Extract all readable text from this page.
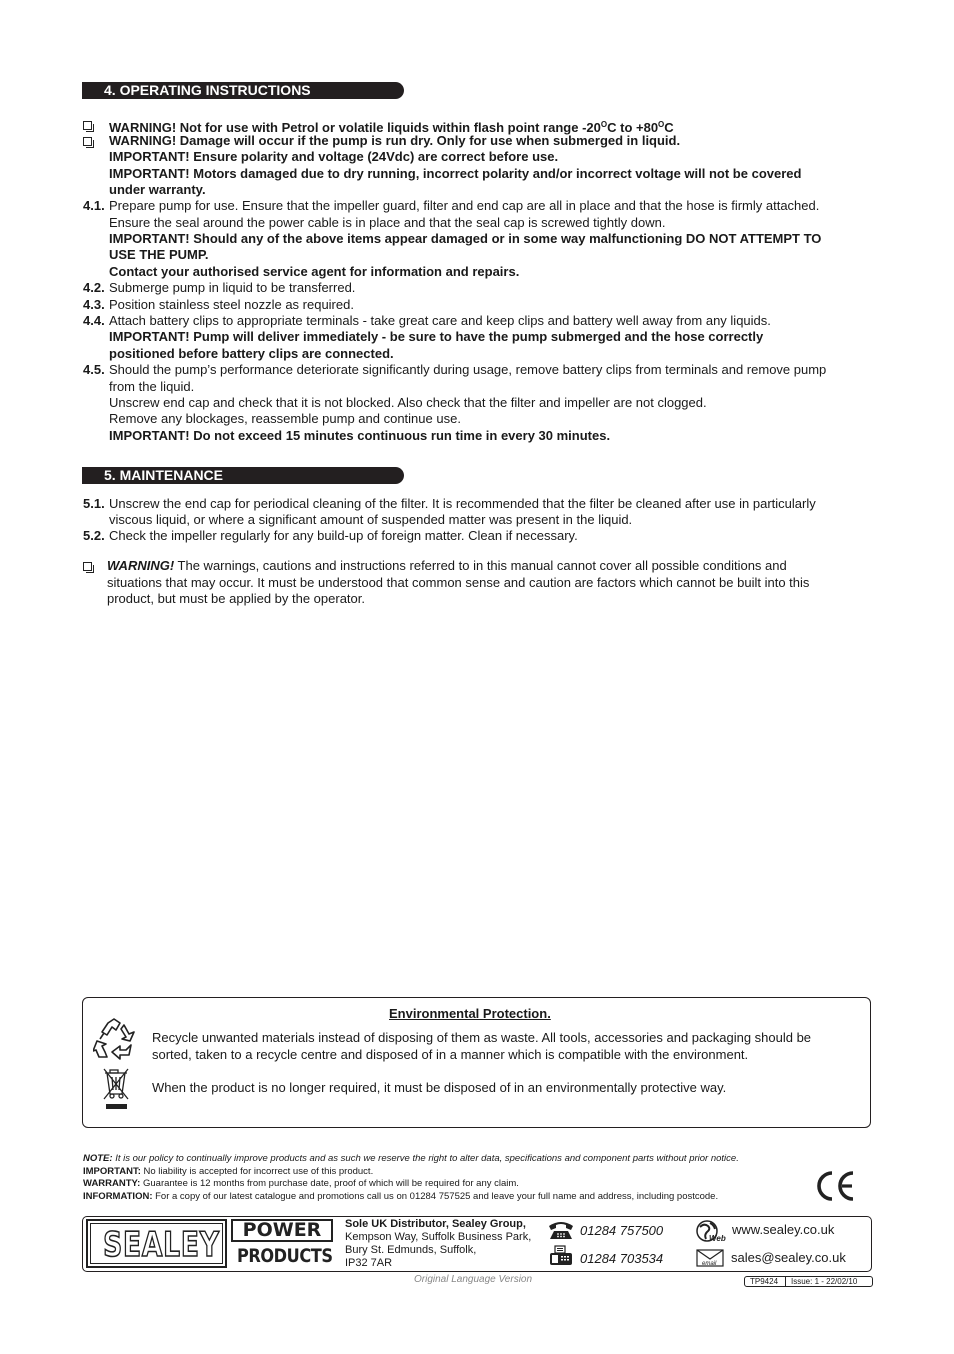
4. OPERATING INSTRUCTIONS
WARNING! Not for use with Petrol or volatile liquids within flash point range $-20^OC$ to $+80^OC$
WARNING! Damage will occur if the pump is run dry. Only for use when submerged in liquid.
IMPORTANT! Ensure polarity and voltage (24Vdc) are correct before use.
IMPORTANT! Motors damaged due to dry running, incorrect polarity and/or incorrect voltage will not be covered
under warranty.
4.1. Prepare pump for use. Ensure that the impeller guard, filter and end cap are all in place and that the hose is firmly attached.
Ensure the seal around the power cable is in place and that the seal cap is screwed tightly down.
IMPORTANT! Should any of the above items appear damaged or in some way malfunctioning DO NOT ATTEMPT TO
USE THE PUMP.
Contact your authorised service agent for information and repairs.
4.2. Submerge pump in liquid to be transferred.
4.3. Position stainless steel nozzle as required.
4.4. Attach battery clips to appropriate terminals - take great care and keep clips and battery well away from any liquids.
IMPORTANT! Pump will deliver immediately - be sure to have the pump submerged and the hose correctly
positioned before battery clips are connected.
4.5. Should the pump’s performance deteriorate significantly during usage, remove battery clips from terminals and remove pump
from the liquid.
Unscrew end cap and check that it is not blocked. Also check that the filter and impeller are not clogged.
Remove any blockages, reassemble pump and continue use.
IMPORTANT! Do not exceed 15 minutes continuous run time in every 30 minutes.
5. MAINTENANCE
5.1. Unscrew the end cap for periodical cleaning of the filter. It is recommended that the filter be cleaned after use in particularly
viscous liquid, or where a significant amount of suspended matter was present in the liquid.
5.2. Check the impeller regularly for any build-up of foreign matter. Clean if necessary.
WARNING! The warnings, cautions and instructions referred to in this manual cannot cover all possible conditions and
situations that may occur. It must be understood that common sense and caution are factors which cannot be built into this
product, but must be applied by the operator.
Environmental Protection.
Recycle unwanted materials instead of disposing of them as waste. All tools, accessories and packaging should be
sorted, taken to a recycle centre and disposed of in a manner which is compatible with the environment.
When the product is no longer required, it must be disposed of in an environmentally protective way.
NOTE: It is our policy to continually improve products and as such we reserve the right to alter data, specifications and component parts without prior notice.
IMPORTANT: No liability is accepted for incorrect use of this product.
WARRANTY: Guarantee is 12 months from purchase date, proof of which will be required for any claim.
INFORMATION: For a copy of our latest catalogue and promotions call us on 01284 757525 and leave your full name and address, including postcode.
CE
SEALEY	POWER
PRODUCTS
Sole UK Distributor, Sealey Group,
Kempson Way, Suffolk Business Park,
Bury St. Edmunds, Suffolk,
IP32 7AR
01284 757500
01284 703534
Web
www.sealey.co.uk
email sales@sealey.co.uk
Original Language Version	TP9424 Issue: 1 - 22/02/10
